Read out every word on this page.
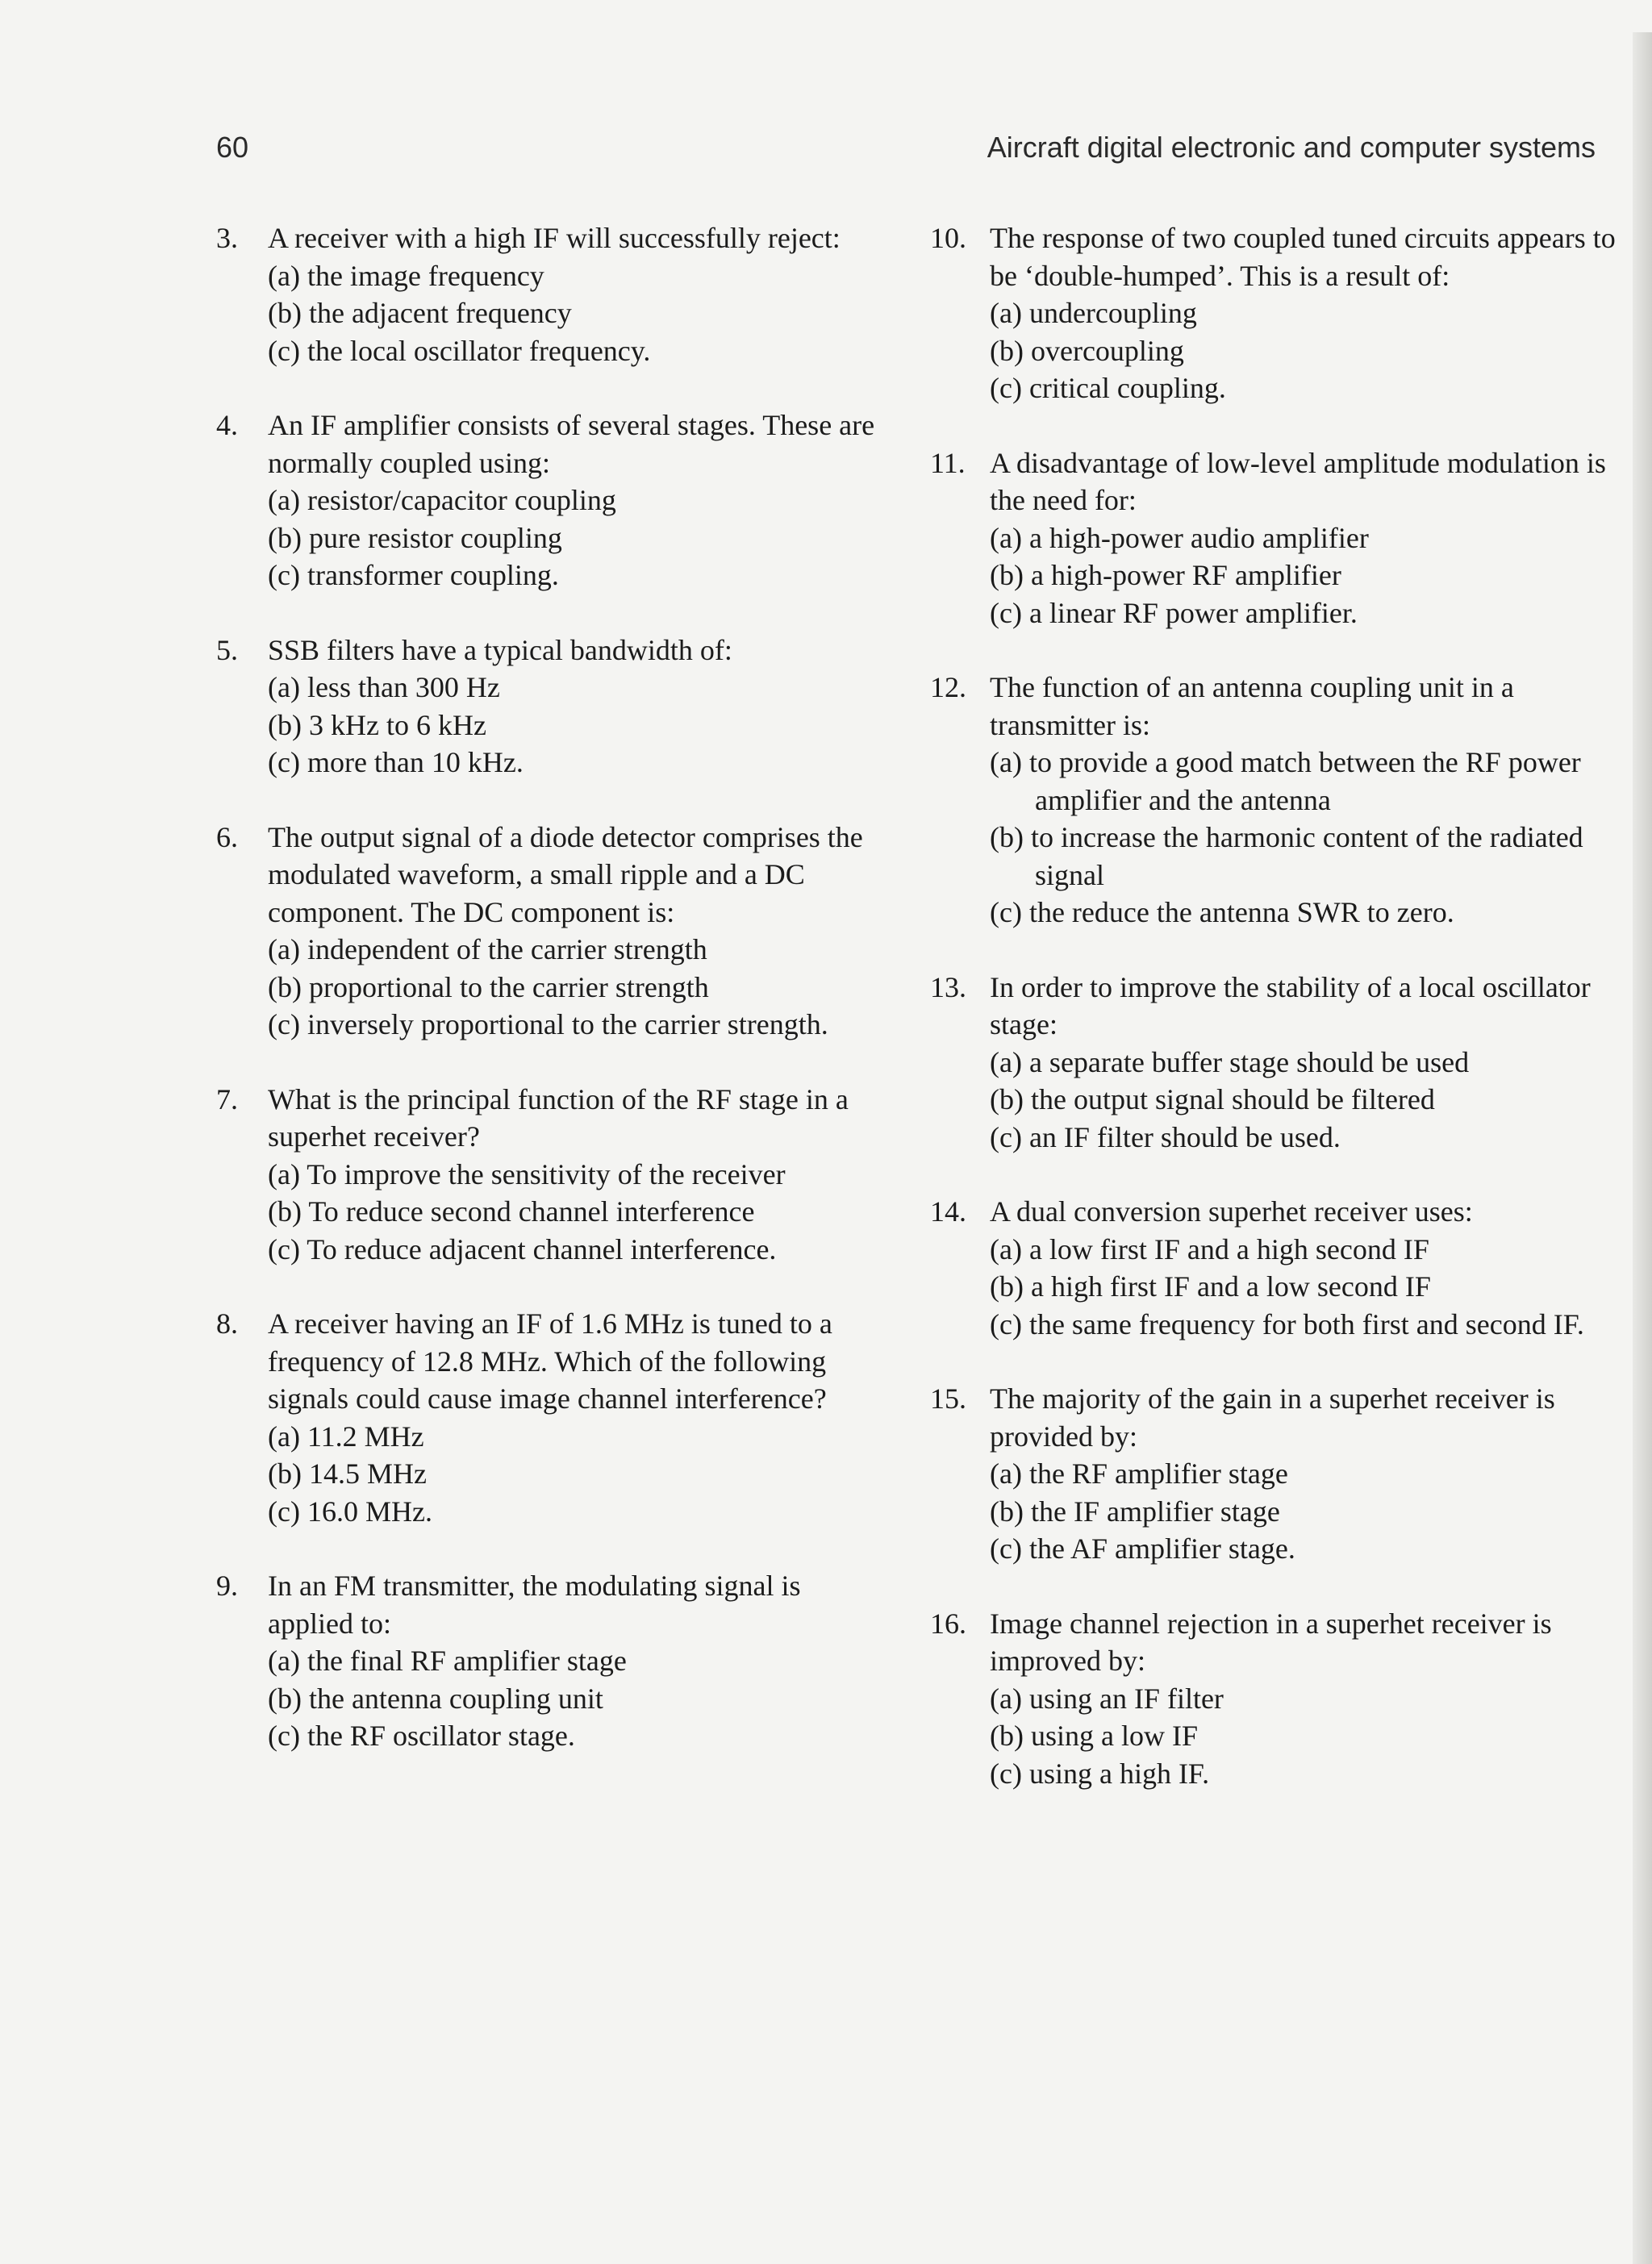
60	Aircraft digital electronic and computer systems
3. A receiver with a high IF will successfully reject:
(a) the image frequency
(b) the adjacent frequency
(c) the local oscillator frequency.
4. An IF amplifier consists of several stages. These are normally coupled using:
(a) resistor/capacitor coupling
(b) pure resistor coupling
(c) transformer coupling.
5. SSB filters have a typical bandwidth of:
(a) less than 300 Hz
(b) 3 kHz to 6 kHz
(c) more than 10 kHz.
6. The output signal of a diode detector comprises the modulated waveform, a small ripple and a DC component. The DC component is:
(a) independent of the carrier strength
(b) proportional to the carrier strength
(c) inversely proportional to the carrier strength.
7. What is the principal function of the RF stage in a superhet receiver?
(a) To improve the sensitivity of the receiver
(b) To reduce second channel interference
(c) To reduce adjacent channel interference.
8. A receiver having an IF of 1.6 MHz is tuned to a frequency of 12.8 MHz. Which of the following signals could cause image channel interference?
(a) 11.2 MHz
(b) 14.5 MHz
(c) 16.0 MHz.
9. In an FM transmitter, the modulating signal is applied to:
(a) the final RF amplifier stage
(b) the antenna coupling unit
(c) the RF oscillator stage.
10. The response of two coupled tuned circuits appears to be ‘double-humped’. This is a result of:
(a) undercoupling
(b) overcoupling
(c) critical coupling.
11. A disadvantage of low-level amplitude modulation is the need for:
(a) a high-power audio amplifier
(b) a high-power RF amplifier
(c) a linear RF power amplifier.
12. The function of an antenna coupling unit in a transmitter is:
(a) to provide a good match between the RF power amplifier and the antenna
(b) to increase the harmonic content of the radiated signal
(c) the reduce the antenna SWR to zero.
13. In order to improve the stability of a local oscillator stage:
(a) a separate buffer stage should be used
(b) the output signal should be filtered
(c) an IF filter should be used.
14. A dual conversion superhet receiver uses:
(a) a low first IF and a high second IF
(b) a high first IF and a low second IF
(c) the same frequency for both first and second IF.
15. The majority of the gain in a superhet receiver is provided by:
(a) the RF amplifier stage
(b) the IF amplifier stage
(c) the AF amplifier stage.
16. Image channel rejection in a superhet receiver is improved by:
(a) using an IF filter
(b) using a low IF
(c) using a high IF.
